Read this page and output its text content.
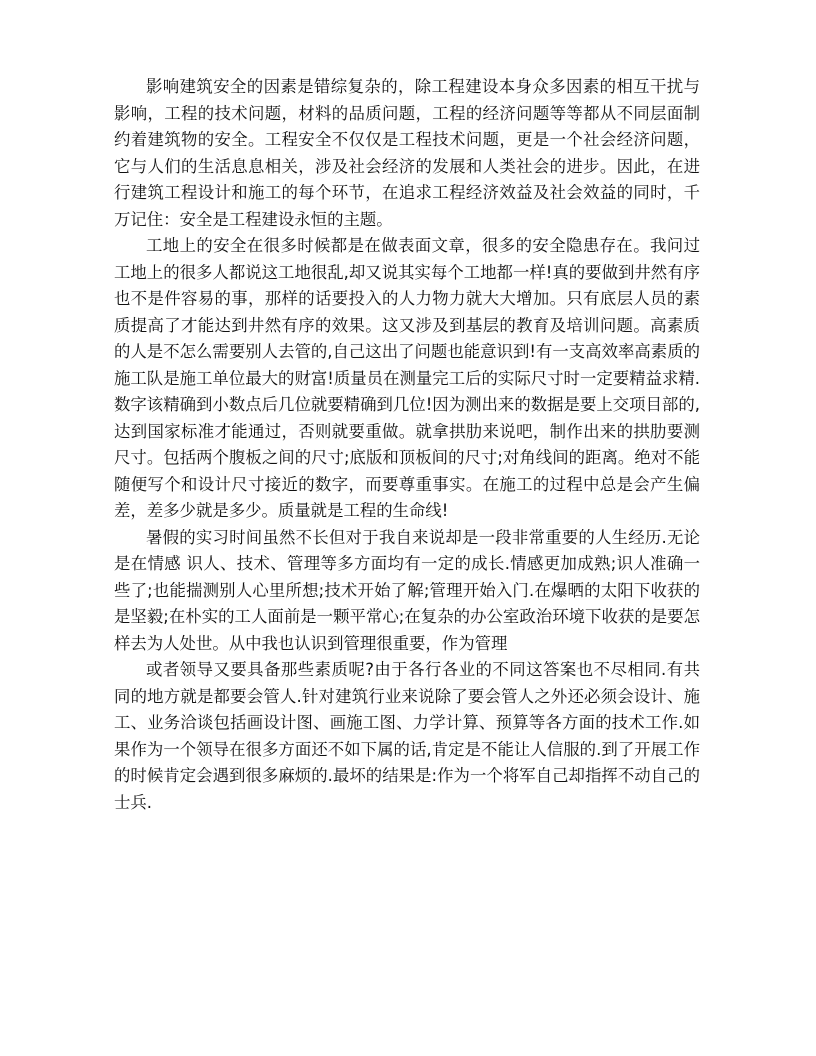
影响建筑安全的因素是错综复杂的，除工程建设本身众多因素的相互干扰与影响，工程的技术问题，材料的品质问题，工程的经济问题等等都从不同层面制约着建筑物的安全。工程安全不仅仅是工程技术问题，更是一个社会经济问题，它与人们的生活息息相关，涉及社会经济的发展和人类社会的进步。因此，在进行建筑工程设计和施工的每个环节，在追求工程经济效益及社会效益的同时，千万记住：安全是工程建设永恒的主题。

工地上的安全在很多时候都是在做表面文章，很多的安全隐患存在。我问过工地上的很多人都说这工地很乱,却又说其实每个工地都一样!真的要做到井然有序也不是件容易的事，那样的话要投入的人力物力就大大增加。只有底层人员的素质提高了才能达到井然有序的效果。这又涉及到基层的教育及培训问题。高素质的人是不怎么需要别人去管的,自己这出了问题也能意识到!有一支高效率高素质的施工队是施工单位最大的财富!质量员在测量完工后的实际尺寸时一定要精益求精.数字该精确到小数点后几位就要精确到几位!因为测出来的数据是要上交项目部的,达到国家标准才能通过，否则就要重做。就拿拱肋来说吧，制作出来的拱肋要测尺寸。包括两个腹板之间的尺寸;底版和顶板间的尺寸;对角线间的距离。绝对不能随便写个和设计尺寸接近的数字，而要尊重事实。在施工的过程中总是会产生偏差，差多少就是多少。质量就是工程的生命线!

暑假的实习时间虽然不长但对于我自来说却是一段非常重要的人生经历.无论是在情感 识人、技术、管理等多方面均有一定的成长.情感更加成熟;识人准确一些了;也能揣测别人心里所想;技术开始了解;管理开始入门.在爆晒的太阳下收获的是坚毅;在朴实的工人面前是一颗平常心;在复杂的办公室政治环境下收获的是要怎样去为人处世。从中我也认识到管理很重要，作为管理

或者领导又要具备那些素质呢?由于各行各业的不同这答案也不尽相同.有共同的地方就是都要会管人.针对建筑行业来说除了要会管人之外还必须会设计、施工、业务洽谈包括画设计图、画施工图、力学计算、预算等各方面的技术工作.如果作为一个领导在很多方面还不如下属的话,肯定是不能让人信服的.到了开展工作的时候肯定会遇到很多麻烦的.最坏的结果是:作为一个将军自己却指挥不动自己的士兵.
